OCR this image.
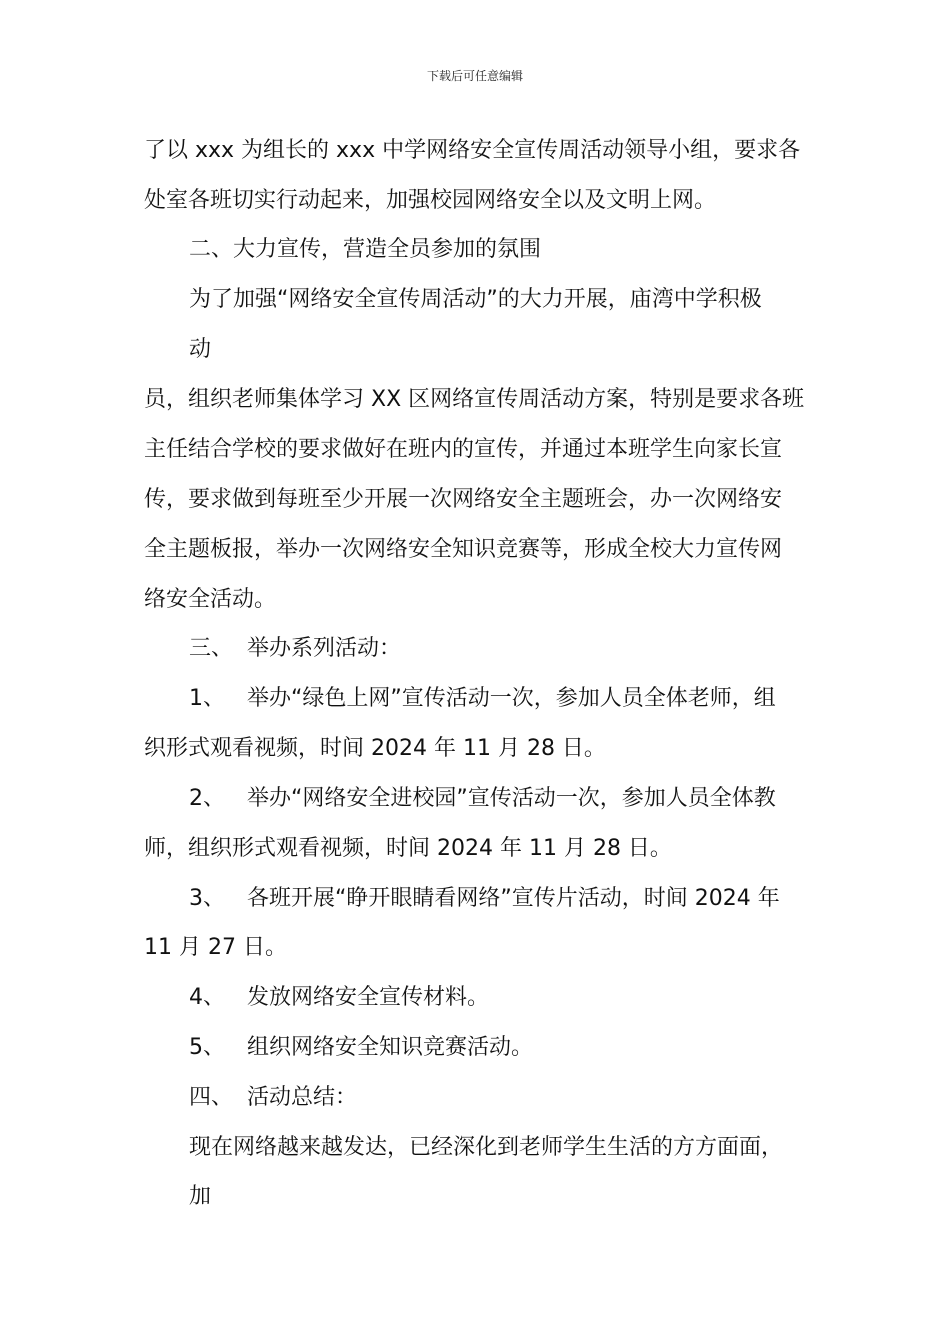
下载后可任意编辑
了以 xxx 为组长的 xxx 中学网络安全宣传周活动领导小组，要求各
处室各班切实行动起来，加强校园网络安全以及文明上网。
二、大力宣传，营造全员参加的氛围
为了加强“网络安全宣传周活动”的大力开展，庙湾中学积极
动
员，组织老师集体学习 XX 区网络宣传周活动方案，特别是要求各班
主任结合学校的要求做好在班内的宣传，并通过本班学生向家长宣
传，要求做到每班至少开展一次网络安全主题班会，办一次网络安
全主题板报，举办一次网络安全知识竞赛等，形成全校大力宣传网
络安全活动。
三、 举办系列活动：
1、 举办“绿色上网”宣传活动一次，参加人员全体老师，组
织形式观看视频，时间 2024 年 11 月 28 日。
2、 举办“网络安全进校园”宣传活动一次，参加人员全体教
师，组织形式观看视频，时间 2024 年 11 月 28 日。
3、 各班开展“睁开眼睛看网络”宣传片活动，时间 2024 年
11 月 27 日。
4、 发放网络安全宣传材料。
5、 组织网络安全知识竞赛活动。
四、 活动总结：
现在网络越来越发达，已经深化到老师学生生活的方方面面，
加
